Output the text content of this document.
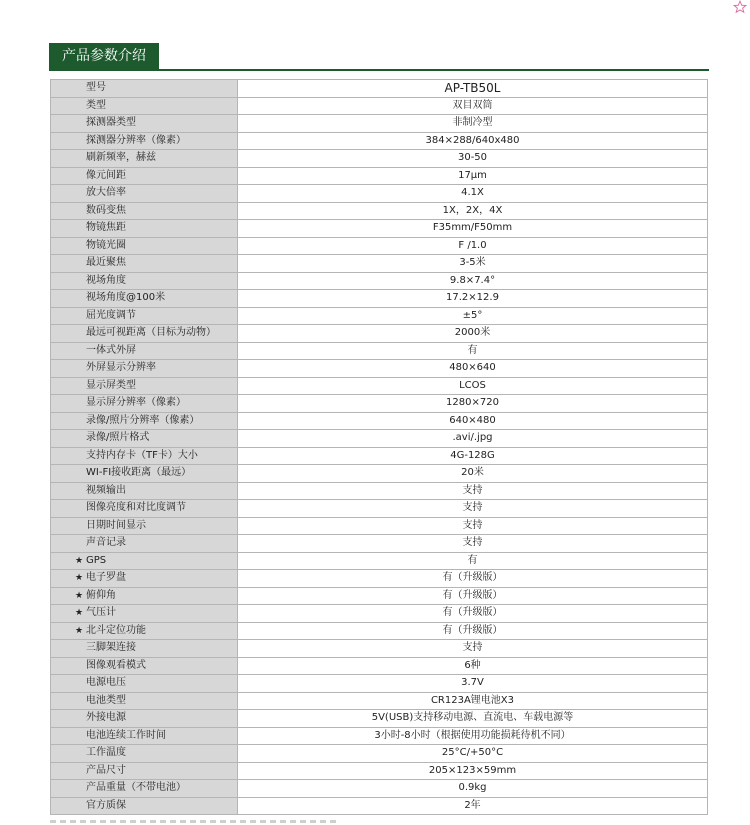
产品参数介绍
型号	AP-TB50L
类型	双目双筒
探测器类型	非制冷型
探测器分辨率（像素）	384×288/640x480
刷新频率，赫兹	30-50
像元间距	17μm
放大倍率	4.1X
数码变焦	1X，2X，4X
物镜焦距	F35mm/F50mm
物镜光圈	F /1.0
最近聚焦	3-5米
视场角度	9.8×7.4°
视场角度@100米	17.2×12.9
屈光度调节	±5°
最远可视距离（目标为动物）	2000米
一体式外屏	有
外屏显示分辨率	480×640
显示屏类型	LCOS
显示屏分辨率（像素）	1280×720
录像/照片分辨率（像素）	640×480
录像/照片格式	.avi/.jpg
支持内存卡（TF卡）大小	4G-128G
WI-FI接收距离（最远）	20米
视频输出	支持
图像亮度和对比度调节	支持
日期时间显示	支持
声音记录	支持

★ GPS	有

★ 电子罗盘	有（升级版）

★ 俯仰角	有（升级版）

★ 气压计	有（升级版）

★ 北斗定位功能	有（升级版）
三脚架连接	支持
图像观看模式	6种
电源电压	3.7V
电池类型	CR123A锂电池X3
外接电源	5V(USB)支持移动电源、直流电、车载电源等
电池连续工作时间	3小时-8小时（根据使用功能损耗待机不同）
工作温度	25°C/+50°C
产品尺寸	205×123×59mm
产品重量（不带电池）	0.9kg
官方质保	2年
